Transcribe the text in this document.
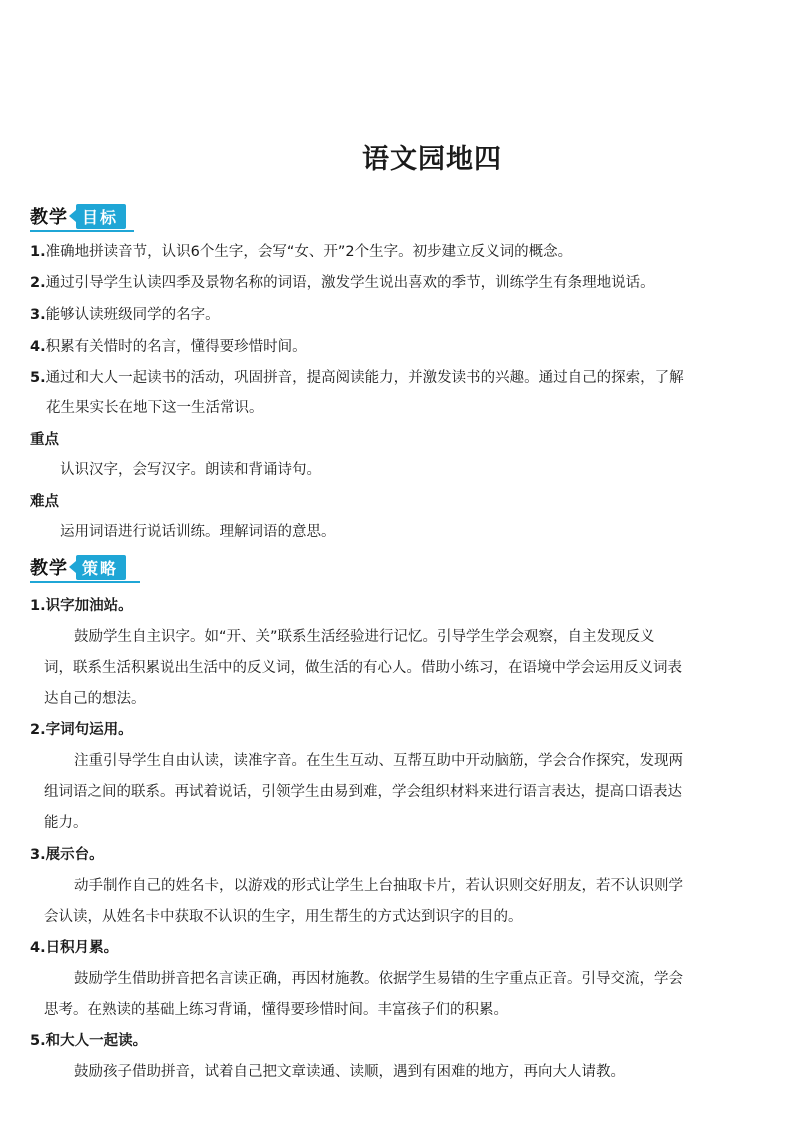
语文园地四
教学 目标
1.准确地拼读音节，认识6个生字，会写“女、开”2个生字。初步建立反义词的概念。
2.通过引导学生认读四季及景物名称的词语，激发学生说出喜欢的季节，训练学生有条理地说话。
3.能够认读班级同学的名字。
4.积累有关惜时的名言，懂得要珍惜时间。
5.通过和大人一起读书的活动，巩固拼音，提高阅读能力，并激发读书的兴趣。通过自己的探索，了解
花生果实长在地下这一生活常识。
重点
认识汉字，会写汉字。朗读和背诵诗句。
难点
运用词语进行说话训练。理解词语的意思。
教学 策略
1.识字加油站。
鼓励学生自主识字。如“开、关”联系生活经验进行记忆。引导学生学会观察，自主发现反义
词，联系生活积累说出生活中的反义词，做生活的有心人。借助小练习，在语境中学会运用反义词表
达自己的想法。
2.字词句运用。
注重引导学生自由认读，读准字音。在生生互动、互帮互助中开动脑筋，学会合作探究，发现两
组词语之间的联系。再试着说话，引领学生由易到难，学会组织材料来进行语言表达，提高口语表达
能力。
3.展示台。
动手制作自己的姓名卡，以游戏的形式让学生上台抽取卡片，若认识则交好朋友，若不认识则学
会认读，从姓名卡中获取不认识的生字，用生帮生的方式达到识字的目的。
4.日积月累。
鼓励学生借助拼音把名言读正确，再因材施教。依据学生易错的生字重点正音。引导交流，学会
思考。在熟读的基础上练习背诵，懂得要珍惜时间。丰富孩子们的积累。
5.和大人一起读。
鼓励孩子借助拼音，试着自己把文章读通、读顺，遇到有困难的地方，再向大人请教。
